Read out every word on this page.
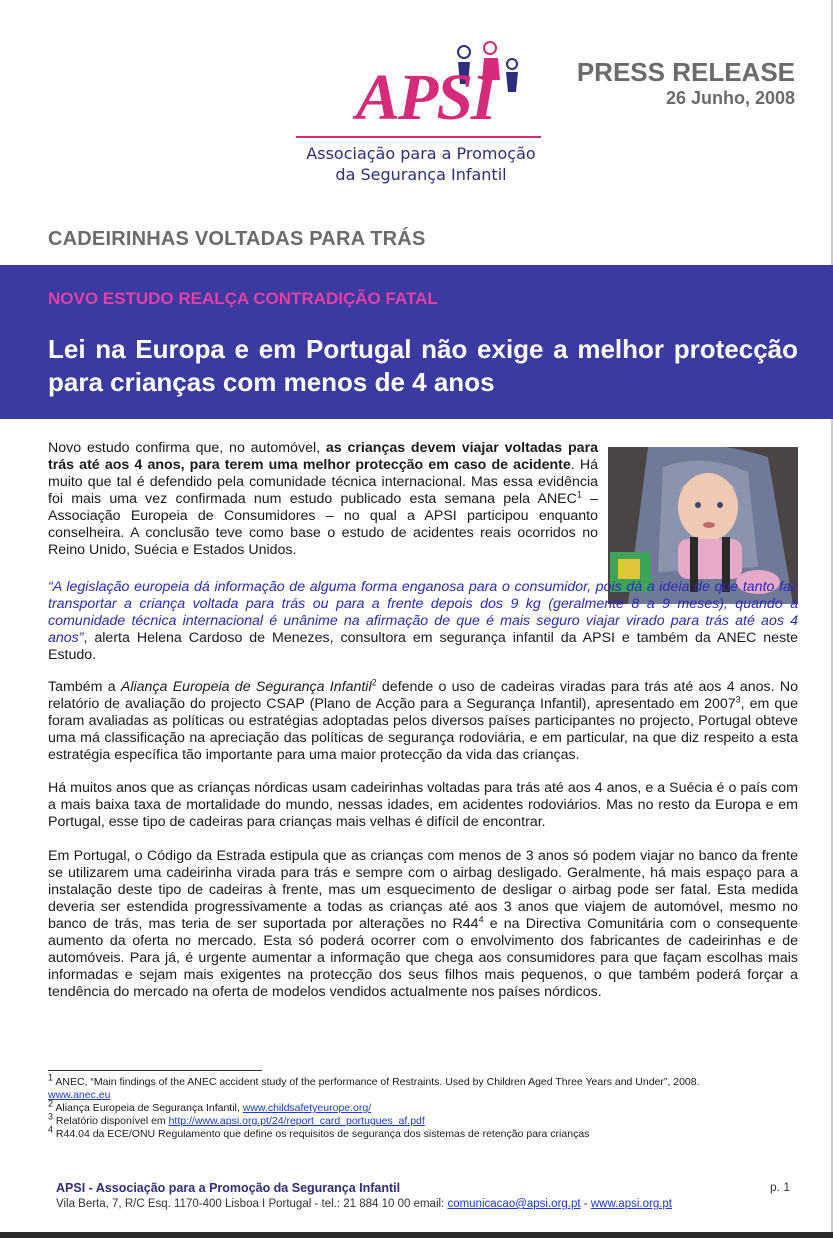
APSI
Associação para a Promoção
da Segurança Infantil
PRESS RELEASE
26 Junho, 2008
CADEIRINHAS VOLTADAS PARA TRÁS
NOVO ESTUDO REALÇA CONTRADIÇÃO FATAL
Lei na Europa e em Portugal não exige a melhor protecção para crianças com menos de 4 anos
Novo estudo confirma que, no automóvel, as crianças devem viajar voltadas para trás até aos 4 anos, para terem uma melhor protecção em caso de acidente. Há muito que tal é defendido pela comunidade técnica internacional. Mas essa evidência foi mais uma vez confirmada num estudo publicado esta semana pela ANEC$^1$ – Associação Europeia de Consumidores – no qual a APSI participou enquanto conselheira. A conclusão teve como base o estudo de acidentes reais ocorridos no Reino Unido, Suécia e Estados Unidos.
“A legislação europeia dá informação de alguma forma enganosa para o consumidor, pois dá a ideia de que tanto faz transportar a criança voltada para trás ou para a frente depois dos 9 kg (geralmente 8 a 9 meses), quando a comunidade técnica internacional é unânime na afirmação de que é mais seguro viajar virado para trás até aos 4 anos”, alerta Helena Cardoso de Menezes, consultora em segurança infantil da APSI e também da ANEC neste Estudo.
Também a Aliança Europeia de Segurança Infantil$^2$ defende o uso de cadeiras viradas para trás até aos 4 anos. No relatório de avaliação do projecto CSAP (Plano de Acção para a Segurança Infantil), apresentado em 2007$^3$, em que foram avaliadas as políticas ou estratégias adoptadas pelos diversos países participantes no projecto, Portugal obteve uma má classificação na apreciação das políticas de segurança rodoviária, e em particular, na que diz respeito a esta estratégia específica tão importante para uma maior protecção da vida das crianças.
Há muitos anos que as crianças nórdicas usam cadeirinhas voltadas para trás até aos 4 anos, e a Suécia é o país com a mais baixa taxa de mortalidade do mundo, nessas idades, em acidentes rodoviários. Mas no resto da Europa e em Portugal, esse tipo de cadeiras para crianças mais velhas é difícil de encontrar.
Em Portugal, o Código da Estrada estipula que as crianças com menos de 3 anos só podem viajar no banco da frente se utilizarem uma cadeirinha virada para trás e sempre com o airbag desligado. Geralmente, há mais espaço para a instalação deste tipo de cadeiras à frente, mas um esquecimento de desligar o airbag pode ser fatal. Esta medida deveria ser estendida progressivamente a todas as crianças até aos 3 anos que viajem de automóvel, mesmo no banco de trás, mas teria de ser suportada por alterações no $R44^4$ e na Directiva Comunitária com o consequente aumento da oferta no mercado. Esta só poderá ocorrer com o envolvimento dos fabricantes de cadeirinhas e de automóveis. Para já, é urgente aumentar a informação que chega aos consumidores para que façam escolhas mais informadas e sejam mais exigentes na protecção dos seus filhos mais pequenos, o que também poderá forçar a tendência do mercado na oferta de modelos vendidos actualmente nos países nórdicos.
$^1$ ANEC, “Main findings of the ANEC accident study of the performance of Restraints. Used by Children Aged Three Years and Under”, 2008.
www.anec.eu
$^2$ Aliança Europeia de Segurança Infantil, www.childsafetyeurope.org/
$^3$ Relatório disponível em http://www.apsi.org.pt/24/report_card_portugues_af.pdf
$^4$ R44.04 da ECE/ONU Regulamento que define os requisitos de segurança dos sistemas de retenção para crianças
APSI - Associação para a Promoção da Segurança Infantil
Vila Berta, 7, R/C Esq. 1170-400 Lisboa I Portugal - tel.: 21 884 10 00 email: comunicacao@apsi.org.pt - www.apsi.org.pt
p. 1
